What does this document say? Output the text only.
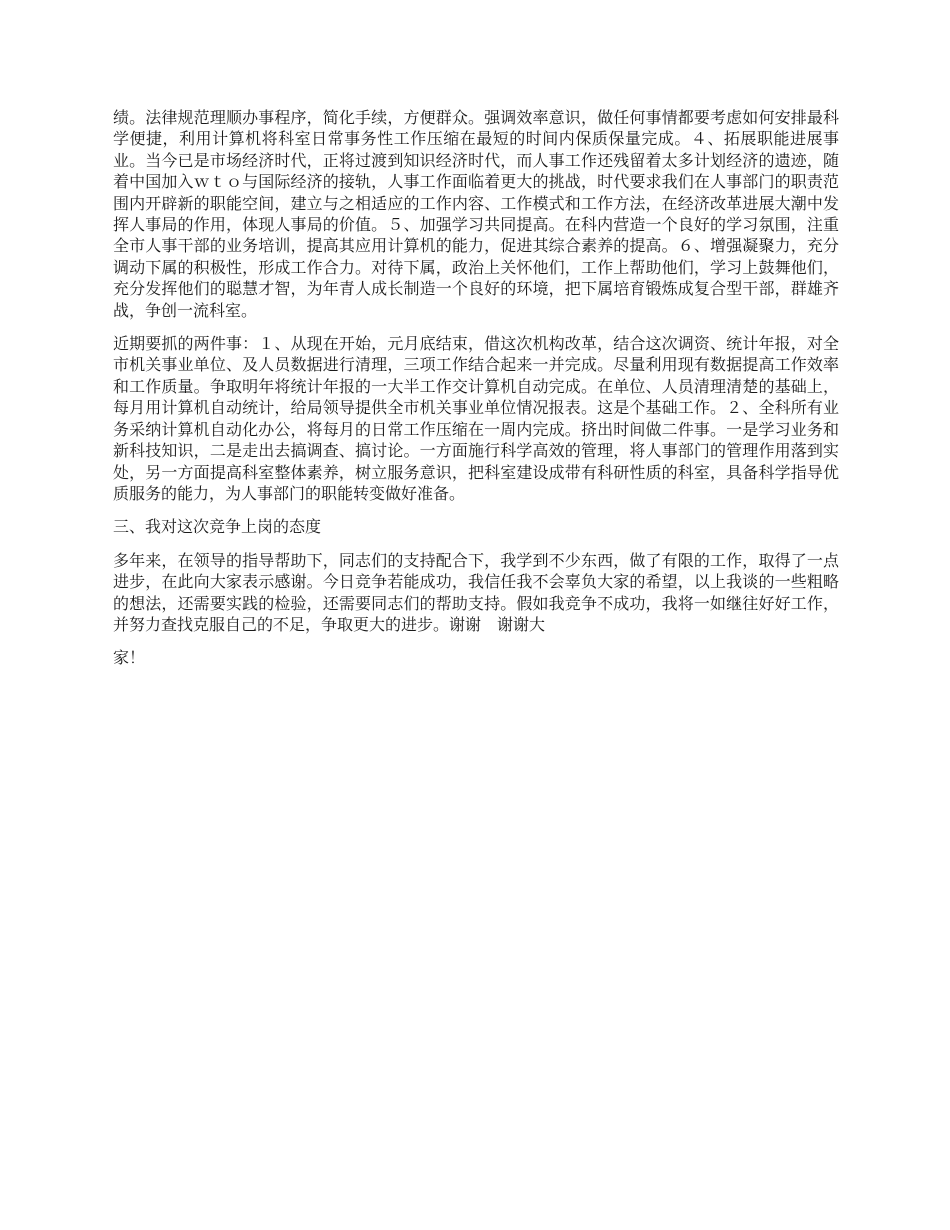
绩。法律规范理顺办事程序，简化手续，方便群众。强调效率意识，做任何事情都要考虑如何安排最科学便捷，利用计算机将科室日常事务性工作压缩在最短的时间内保质保量完成。４、拓展职能进展事业。当今已是市场经济时代，正将过渡到知识经济时代，而人事工作还残留着太多计划经济的遗迹，随着中国加入ｗｔｏ与国际经济的接轨，人事工作面临着更大的挑战，时代要求我们在人事部门的职责范围内开辟新的职能空间，建立与之相适应的工作内容、工作模式和工作方法，在经济改革进展大潮中发挥人事局的作用，体现人事局的价值。５、加强学习共同提高。在科内营造一个良好的学习氛围，注重全市人事干部的业务培训，提高其应用计算机的能力，促进其综合素养的提高。６、增强凝聚力，充分调动下属的积极性，形成工作合力。对待下属，政治上关怀他们，工作上帮助他们，学习上鼓舞他们，充分发挥他们的聪慧才智，为年青人成长制造一个良好的环境，把下属培育锻炼成复合型干部，群雄齐战，争创一流科室。

近期要抓的两件事：１、从现在开始，元月底结束，借这次机构改革，结合这次调资、统计年报，对全市机关事业单位、及人员数据进行清理，三项工作结合起来一并完成。尽量利用现有数据提高工作效率和工作质量。争取明年将统计年报的一大半工作交计算机自动完成。在单位、人员清理清楚的基础上，每月用计算机自动统计，给局领导提供全市机关事业单位情况报表。这是个基础工作。２、全科所有业务采纳计算机自动化办公，将每月的日常工作压缩在一周内完成。挤出时间做二件事。一是学习业务和新科技知识，二是走出去搞调查、搞讨论。一方面施行科学高效的管理，将人事部门的管理作用落到实处，另一方面提高科室整体素养，树立服务意识，把科室建设成带有科研性质的科室，具备科学指导优质服务的能力，为人事部门的职能转变做好准备。

三、我对这次竞争上岗的态度

多年来，在领导的指导帮助下，同志们的支持配合下，我学到不少东西，做了有限的工作，取得了一点进步，在此向大家表示感谢。今日竞争若能成功，我信任我不会辜负大家的希望，以上我谈的一些粗略的想法，还需要实践的检验，还需要同志们的帮助支持。假如我竞争不成功，我将一如继往好好工作，并努力查找克服自己的不足，争取更大的进步。谢谢　谢谢大

家！
